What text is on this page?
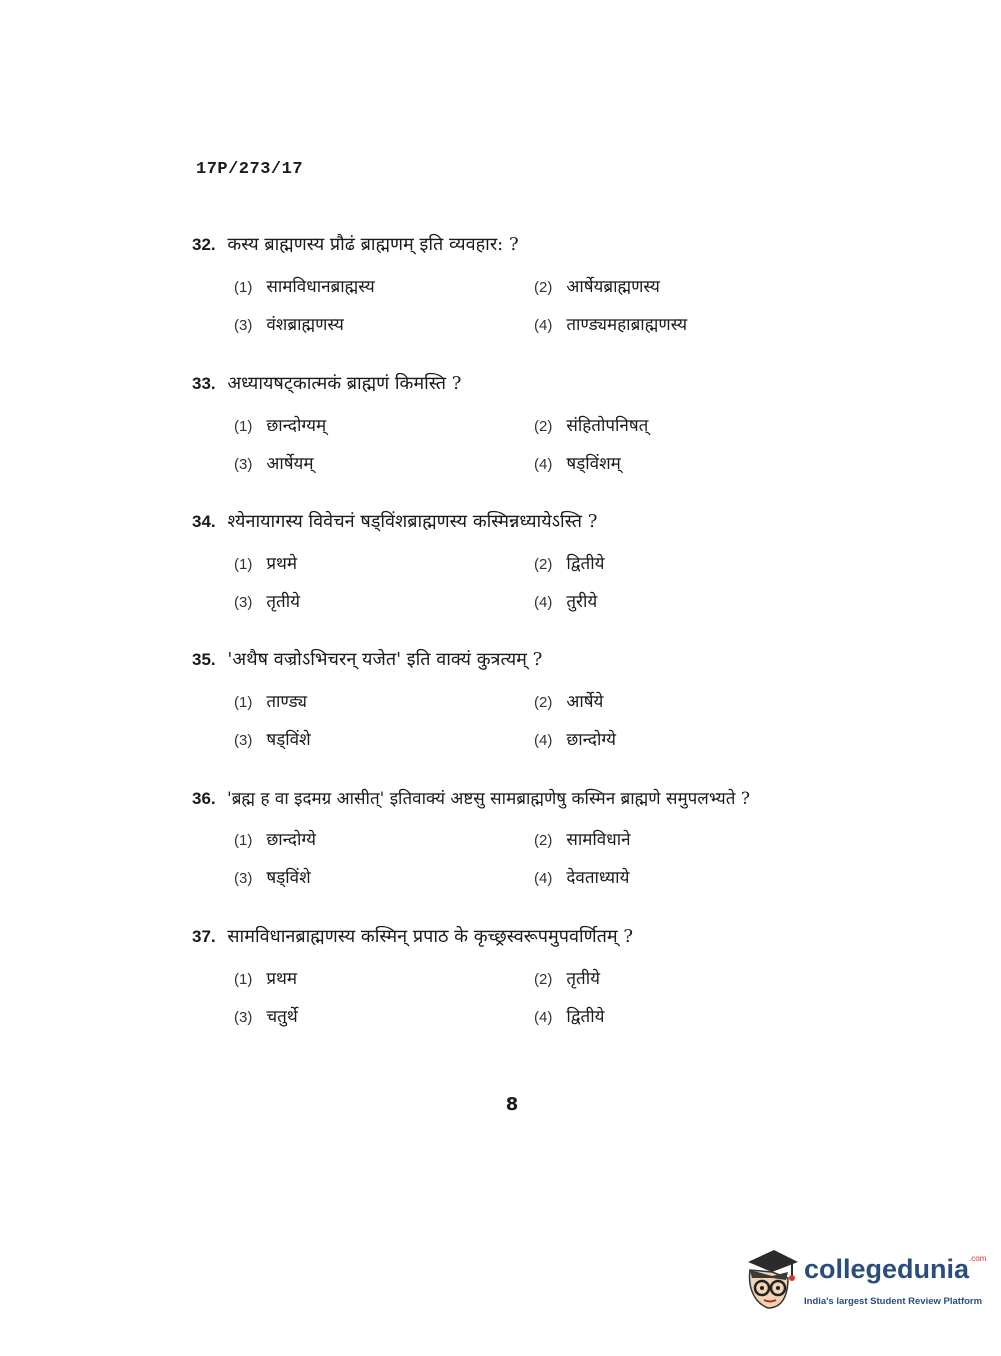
17P/273/17
32. कस्य ब्राह्मणस्य प्रौढं ब्राह्मणम् इति व्यवहार: ?
(1) सामविधानब्राह्मस्य	(2) आर्षेयब्राह्मणस्य
(3) वंशब्राह्मणस्य	(4) ताण्ड्यमहाब्राह्मणस्य
33. अध्यायषट्कात्मकं ब्राह्मणं किमस्ति ?
(1) छान्दोग्यम्	(2) संहितोपनिषत्
(3) आर्षेयम्	(4) षड्विंशम्
34. श्येनायागस्य विवेचनं षड्विंशब्राह्मणस्य कस्मिन्नध्यायेऽस्ति ?
(1) प्रथमे	(2) द्वितीये
(3) तृतीये	(4) तुरीये
35. 'अथैष वज्रोऽभिचरन् यजेत' इति वाक्यं कुत्रत्यम् ?
(1) ताण्ड्य	(2) आर्षेये
(3) षड्विंशे	(4) छान्दोग्ये
36. 'ब्रह्म ह वा इदमग्र आसीत्' इतिवाक्यं अष्टसु सामब्राह्मणेषु कस्मिन ब्राह्मणे समुपलभ्यते ?
(1) छान्दोग्ये	(2) सामविधाने
(3) षड्विंशे	(4) देवताध्याये
37. सामविधानब्राह्मणस्य कस्मिन् प्रपाठ के कृच्छ्रस्वरूपमुपवर्णितम् ?
(1) प्रथम	(2) तृतीये
(3) चतुर्थे	(4) द्वितीये
8
collegedunia$^{.com}$
India's largest Student Review Platform
